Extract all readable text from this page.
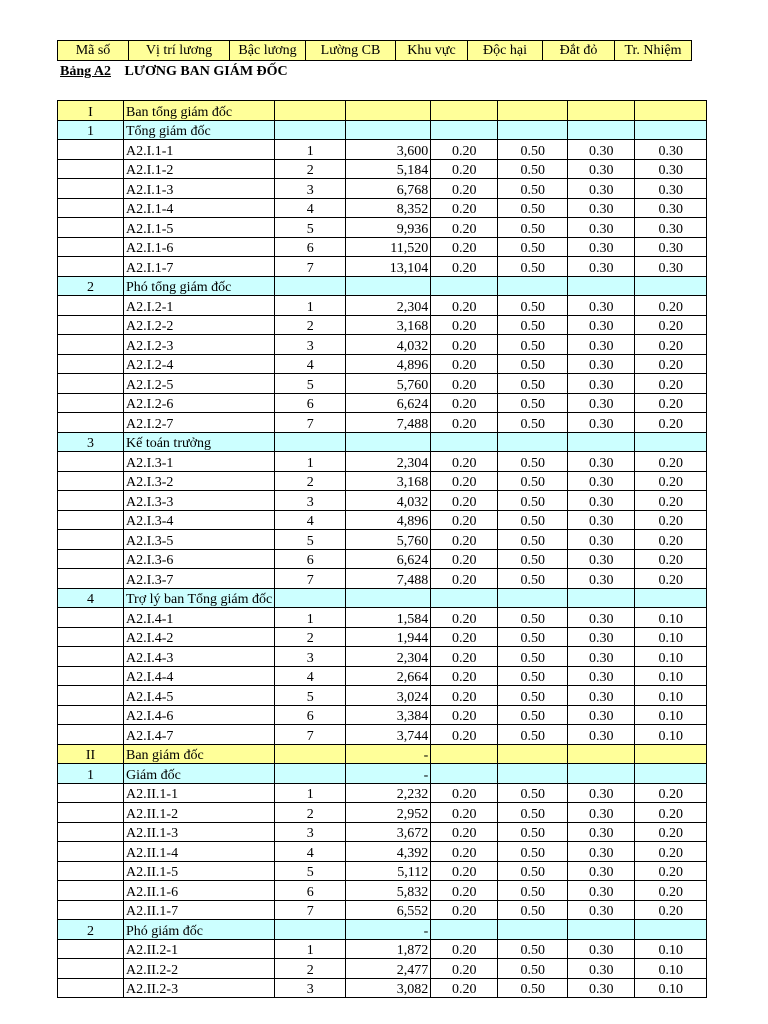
Mã số	Vị trí lương	Bậc lương	Lường CB	Khu vực	Độc hại	Đắt đỏ	Tr. Nhiệm
Bảng A2 LƯƠNG BAN GIÁM ĐỐC
I	Ban tổng giám đốc						
1	Tổng giám đốc						
	A2.I.1-1	1	3,600	0.20	0.50	0.30	0.30
	A2.I.1-2	2	5,184	0.20	0.50	0.30	0.30
	A2.I.1-3	3	6,768	0.20	0.50	0.30	0.30
	A2.I.1-4	4	8,352	0.20	0.50	0.30	0.30
	A2.I.1-5	5	9,936	0.20	0.50	0.30	0.30
	A2.I.1-6	6	11,520	0.20	0.50	0.30	0.30
	A2.I.1-7	7	13,104	0.20	0.50	0.30	0.30
2	Phó tổng giám đốc						
	A2.I.2-1	1	2,304	0.20	0.50	0.30	0.20
	A2.I.2-2	2	3,168	0.20	0.50	0.30	0.20
	A2.I.2-3	3	4,032	0.20	0.50	0.30	0.20
	A2.I.2-4	4	4,896	0.20	0.50	0.30	0.20
	A2.I.2-5	5	5,760	0.20	0.50	0.30	0.20
	A2.I.2-6	6	6,624	0.20	0.50	0.30	0.20
	A2.I.2-7	7	7,488	0.20	0.50	0.30	0.20
3	Kế toán trưởng						
	A2.I.3-1	1	2,304	0.20	0.50	0.30	0.20
	A2.I.3-2	2	3,168	0.20	0.50	0.30	0.20
	A2.I.3-3	3	4,032	0.20	0.50	0.30	0.20
	A2.I.3-4	4	4,896	0.20	0.50	0.30	0.20
	A2.I.3-5	5	5,760	0.20	0.50	0.30	0.20
	A2.I.3-6	6	6,624	0.20	0.50	0.30	0.20
	A2.I.3-7	7	7,488	0.20	0.50	0.30	0.20
4	Trợ lý ban Tổng giám đốc						
	A2.I.4-1	1	1,584	0.20	0.50	0.30	0.10
	A2.I.4-2	2	1,944	0.20	0.50	0.30	0.10
	A2.I.4-3	3	2,304	0.20	0.50	0.30	0.10
	A2.I.4-4	4	2,664	0.20	0.50	0.30	0.10
	A2.I.4-5	5	3,024	0.20	0.50	0.30	0.10
	A2.I.4-6	6	3,384	0.20	0.50	0.30	0.10
	A2.I.4-7	7	3,744	0.20	0.50	0.30	0.10
II	Ban giám đốc		-				
1	Giám đốc		-				
	A2.II.1-1	1	2,232	0.20	0.50	0.30	0.20
	A2.II.1-2	2	2,952	0.20	0.50	0.30	0.20
	A2.II.1-3	3	3,672	0.20	0.50	0.30	0.20
	A2.II.1-4	4	4,392	0.20	0.50	0.30	0.20
	A2.II.1-5	5	5,112	0.20	0.50	0.30	0.20
	A2.II.1-6	6	5,832	0.20	0.50	0.30	0.20
	A2.II.1-7	7	6,552	0.20	0.50	0.30	0.20
2	Phó giám đốc		-				
	A2.II.2-1	1	1,872	0.20	0.50	0.30	0.10
	A2.II.2-2	2	2,477	0.20	0.50	0.30	0.10
	A2.II.2-3	3	3,082	0.20	0.50	0.30	0.10
